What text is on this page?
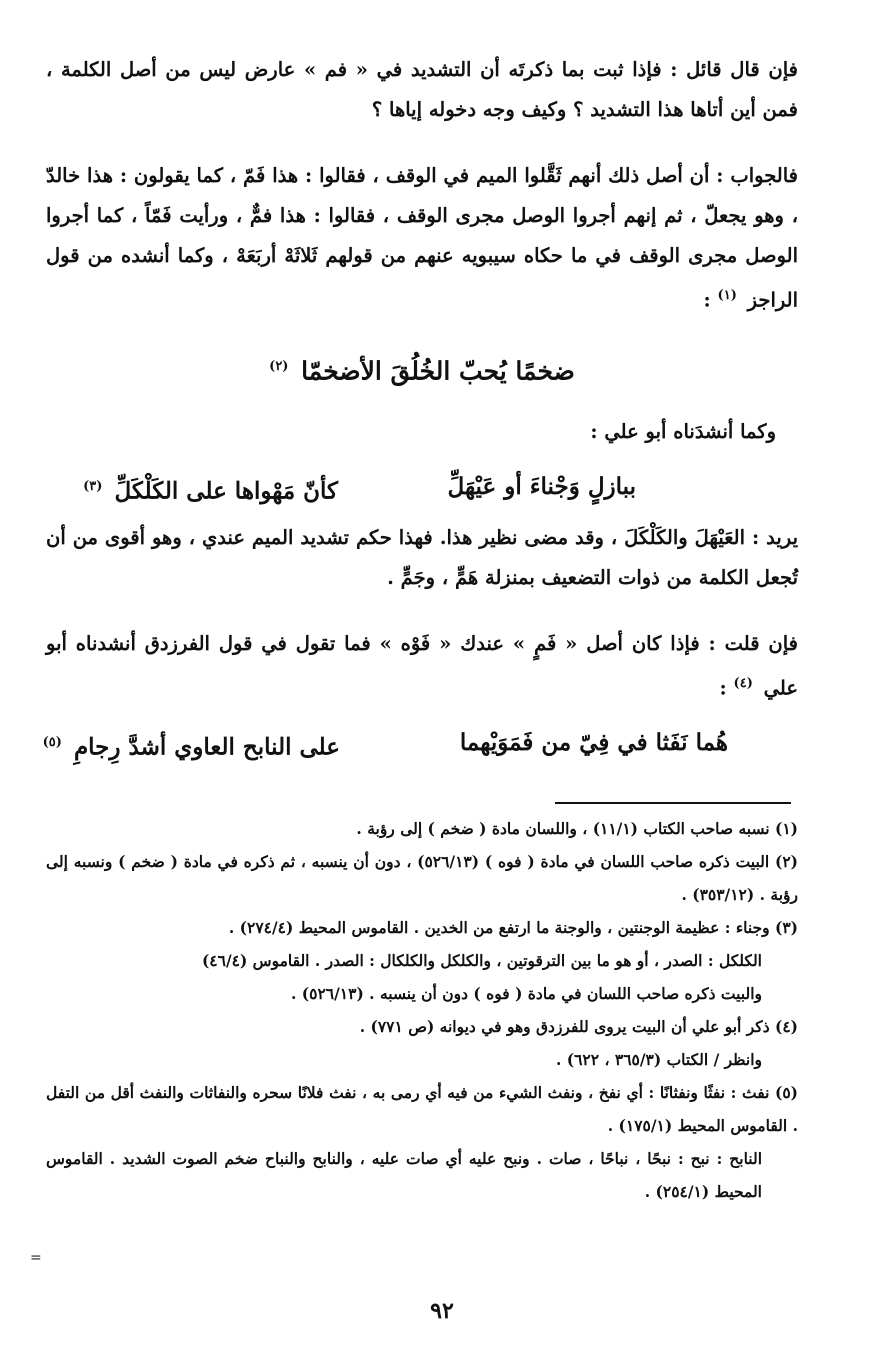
فإن قال قائل : فإذا ثبت بما ذكرتَه أن التشديد في « فم » عارض ليس من أصل الكلمة ، فمن أين أتاها هذا التشديد ؟ وكيف وجه دخوله إياها ؟

فالجواب : أن أصل ذلك أنهم ثَقَّلوا الميم في الوقف ، فقالوا : هذا فَمّ ، كما يقولون : هذا خالدّ ، وهو يجعلّ ، ثم إنهم أجروا الوصل مجرى الوقف ، فقالوا : هذا فمٌّ ، ورأيت فَمّاً ، كما أجروا الوصل مجرى الوقف في ما حكاه سيبويه عنهم من قولهم ثَلاثَهْ أربَعَهْ ، وكما أنشده من قول الراجز $^{(١)}$ :

ضخمًا يُحبّ الخُلُقَ الأضخمّا $^{(٢)}$
وكما أنشدَناه أبو علي :
ببازلٍ وَجْناءَ أو عَيْهَلِّ
كأنّ مَهْواها على الكَلْكَلِّ $^{(٣)}$

يريد : العَيْهَلَ والكَلْكَلَ ، وقد مضى نظير هذا. فهذا حكم تشديد الميم عندي ، وهو أقوى من أن تُجعل الكلمة من ذوات التضعيف بمنزلة هَمٍّ ، وجَمٍّ .

فإن قلت : فإذا كان أصل « فَمٍ » عندك « فَوْه » فما تقول في قول الفرزدق أنشدناه أبو علي $^{(٤)}$ :

هُما نَفَثا في فِيّ من فَمَوَيْهما
على النابح العاوي أشدَّ رِجامِ $^{(٥)}$

(١) نسبه صاحب الكتاب (١١/١) ، واللسان مادة ( ضخم ) إلى رؤبة .

(٢) البيت ذكره صاحب اللسان في مادة ( فوه ) (٥٢٦/١٣) ، دون أن ينسبه ، ثم ذكره في مادة ( ضخم ) ونسبه إلى رؤبة . (٣٥٣/١٢) .

(٣) وجناء : عظيمة الوجنتين ، والوجنة ما ارتفع من الخدين . القاموس المحيط (٢٧٤/٤) .

الكلكل : الصدر ، أو هو ما بين الترقوتين ، والكلكل والكلكال : الصدر . القاموس (٤٦/٤)

والبيت ذكره صاحب اللسان في مادة ( فوه ) دون أن ينسبه . (٥٢٦/١٣) .

(٤) ذكر أبو علي أن البيت يروى للفرزدق وهو في ديوانه (ص ٧٧١) .

وانظر / الكتاب (٣٦٥/٣ ، ٦٢٢) .

(٥) نفث : نفثًا ونفثانًا : أي نفخ ، ونفث الشيء من فيه أي رمى به ، نفث فلانًا سحره والنفاثات والنفث أقل من التفل . القاموس المحيط (١٧٥/١) .

النابح : نبح : نبحًا ، نباحًا ، صات . ونبح عليه أي صات عليه ، والنابح والنباح ضخم الصوت الشديد . القاموس المحيط (٢٥٤/١) .

=
٩٢
